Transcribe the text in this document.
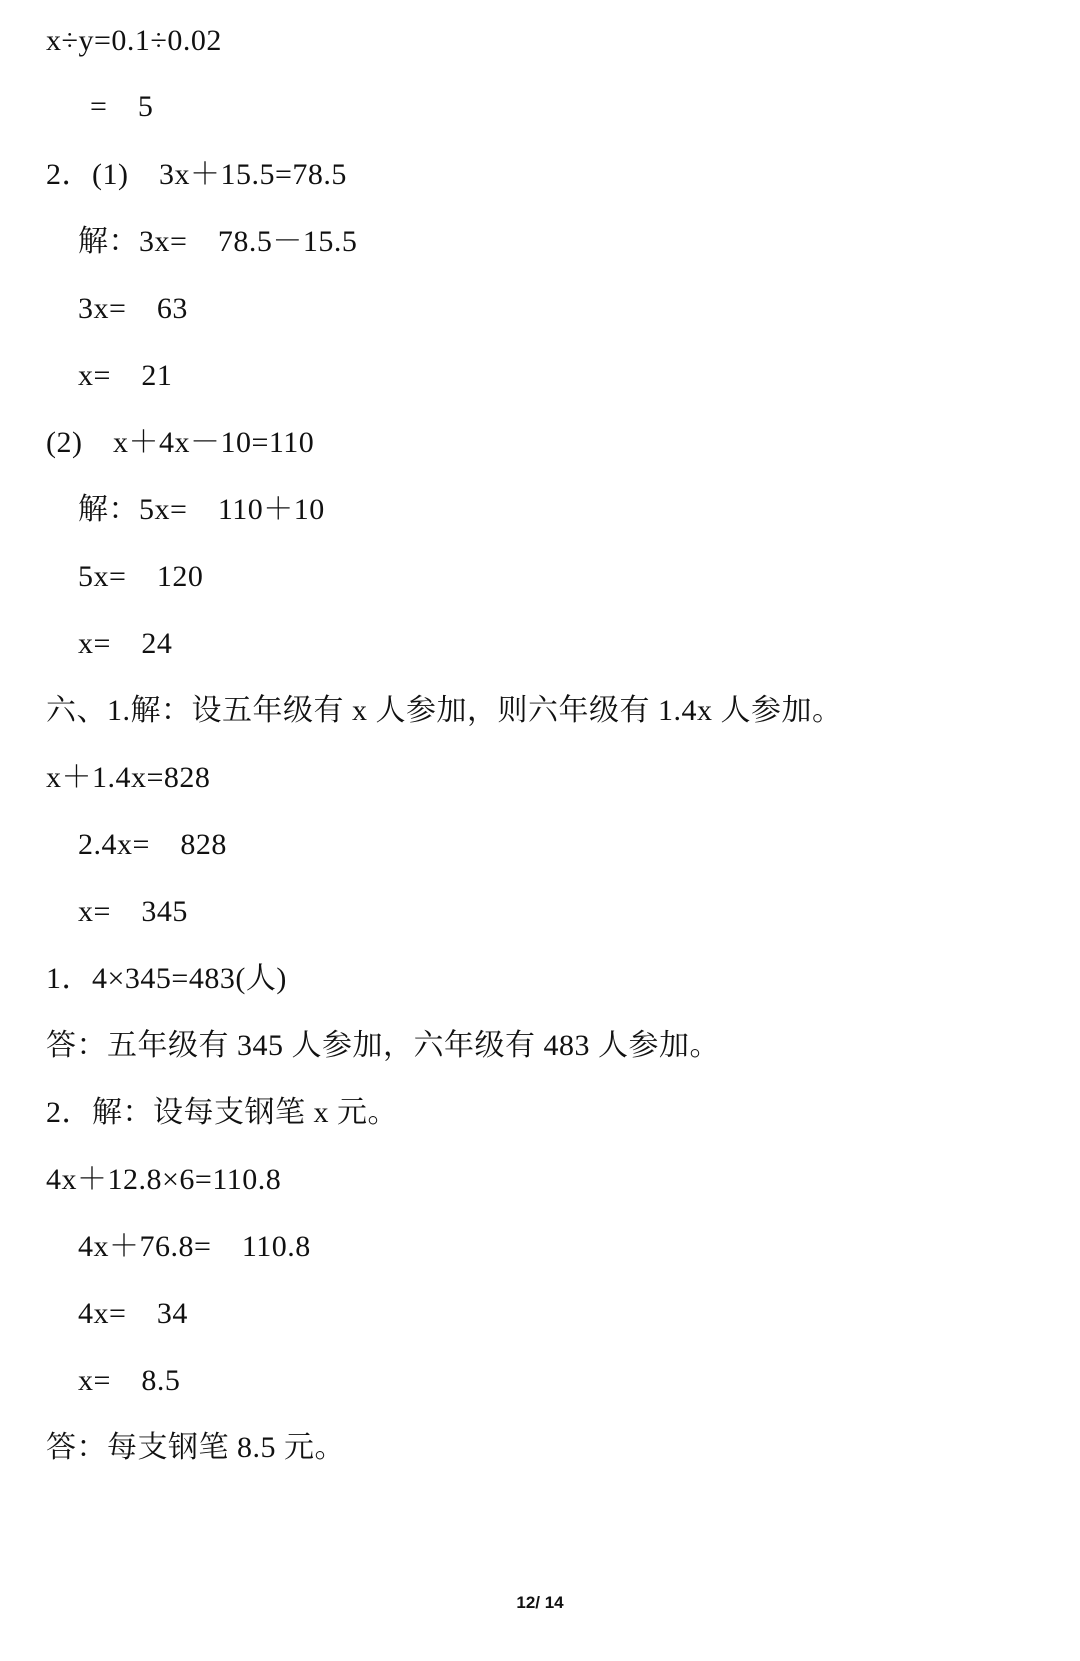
x÷y=0.1÷0.02
=　5
2．(1)　3x＋15.5=78.5
解：3x=　78.5－15.5
3x=　63
x=　21
(2)　x＋4x－10=110
解：5x=　110＋10
5x=　120
x=　24
六、1.解：设五年级有 x 人参加，则六年级有 1.4x 人参加。
x＋1.4x=828
2.4x=　828
x=　345
1．4×345=483(人)
答：五年级有 345 人参加，六年级有 483 人参加。
2．解：设每支钢笔 x 元。
4x＋12.8×6=110.8
4x＋76.8=　110.8
4x=　34
x=　8.5
答：每支钢笔 8.5 元。
12/ 14
